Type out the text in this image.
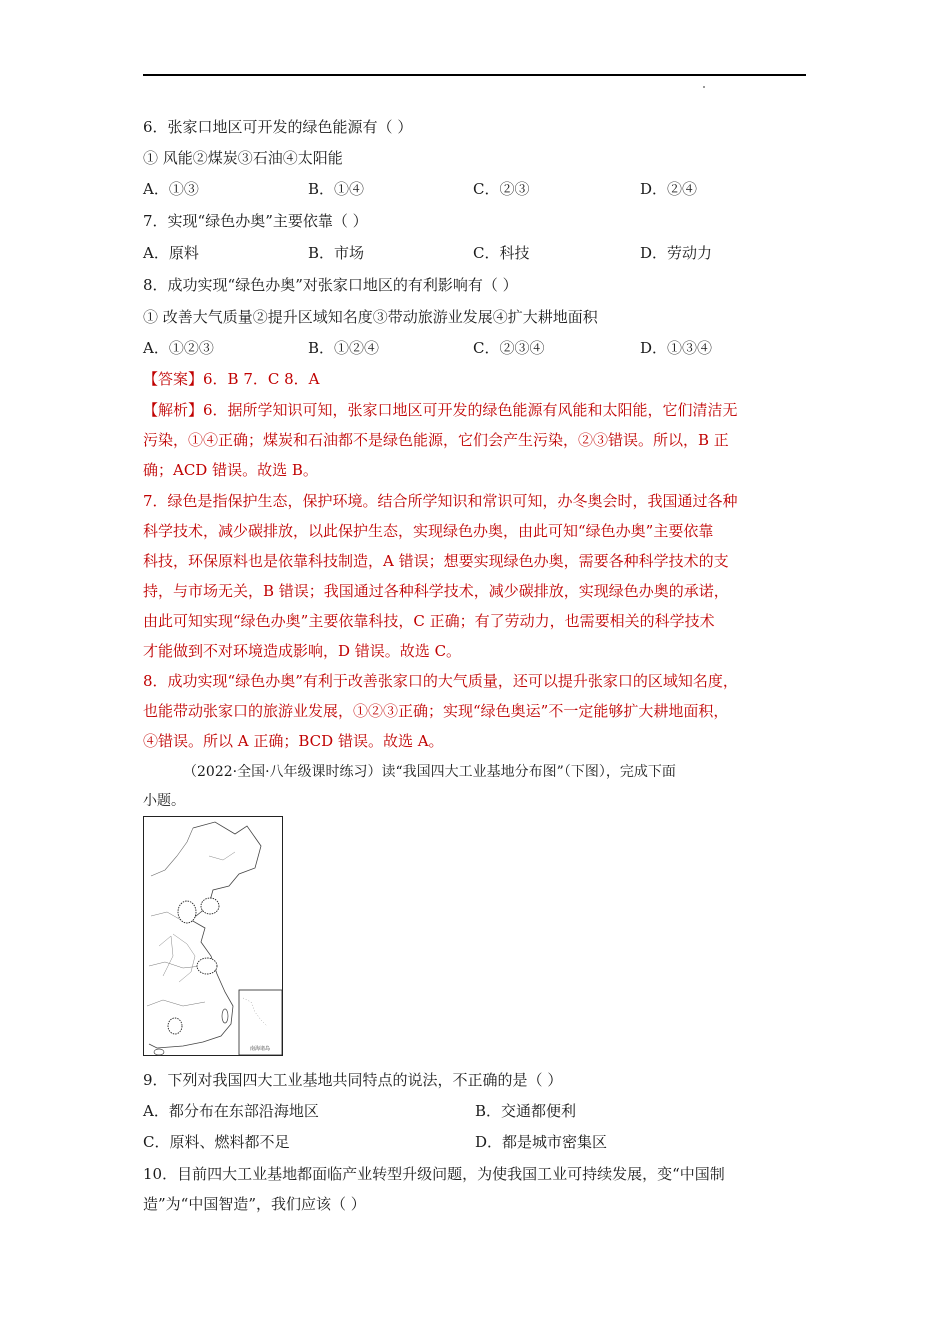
6．张家口地区可开发的绿色能源有（ ）
① 风能②煤炭③石油④太阳能
A．①③	B．①④	C．②③	D．②④
7．实现“绿色办奥”主要依靠（ ）
A．原料	B．市场	C．科技	D．劳动力
8．成功实现“绿色办奥”对张家口地区的有利影响有（ ）
① 改善大气质量②提升区域知名度③带动旅游业发展④扩大耕地面积
A．①②③	B．①②④	C．②③④	D．①③④
【答案】6．B 7．C 8．A
【解析】6．据所学知识可知，张家口地区可开发的绿色能源有风能和太阳能，它们清洁无
污染，①④正确；煤炭和石油都不是绿色能源，它们会产生污染，②③错误。所以，B 正
确；ACD 错误。故选 B。
7．绿色是指保护生态，保护环境。结合所学知识和常识可知，办冬奥会时，我国通过各种
科学技术，减少碳排放，以此保护生态，实现绿色办奥，由此可知“绿色办奥”主要依靠
科技，环保原料也是依靠科技制造，A 错误；想要实现绿色办奥，需要各种科学技术的支
持，与市场无关，B 错误；我国通过各种科学技术，减少碳排放，实现绿色办奥的承诺，
由此可知实现“绿色办奥”主要依靠科技，C 正确；有了劳动力，也需要相关的科学技术
才能做到不对环境造成影响，D 错误。故选 C。
8．成功实现“绿色办奥”有利于改善张家口的大气质量，还可以提升张家口的区域知名度，
也能带动张家口的旅游业发展，①②③正确；实现“绿色奥运”不一定能够扩大耕地面积，
④错误。所以 A 正确；BCD 错误。故选 A。
（2022·全国·八年级课时练习）读“我国四大工业基地分布图”（下图），完成下面
小题。
南海诸岛
9．下列对我国四大工业基地共同特点的说法，不正确的是（ ）
A．都分布在东部沿海地区	B．交通都便利
C．原料、燃料都不足	D．都是城市密集区
10．目前四大工业基地都面临产业转型升级问题，为使我国工业可持续发展，变“中国制
造”为“中国智造”，我们应该（ ）
